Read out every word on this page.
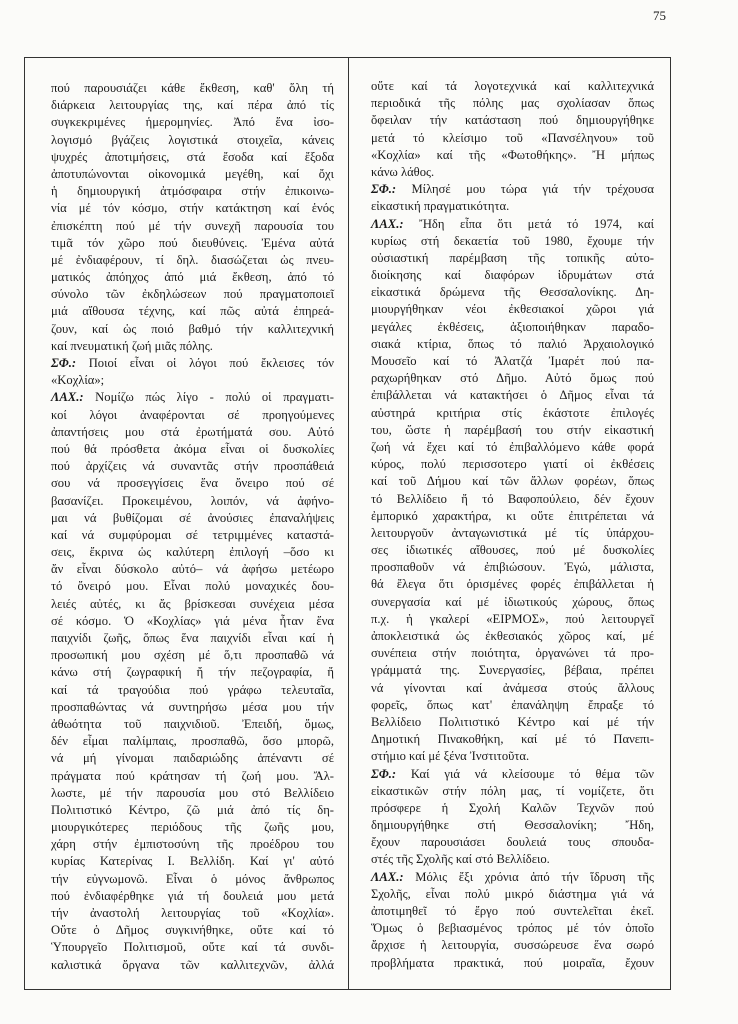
75
πού παρουσιάζει κάθε ἔκθεση, καθ' ὅλη τή
διάρκεια λειτουργίας της, καί πέρα ἀπό τίς
συγκεκριμένες ἡμερομηνίες. Ἀπό ἕνα ἰσο-
λογισμό βγάζεις λογιστικά στοιχεῖα, κάνεις
ψυχρές ἀποτιμήσεις, στά ἔσοδα καί ἔξοδα
ἀποτυπώνονται οἰκονομικά μεγέθη, καί ὄχι
ἡ δημιουργική ἀτμόσφαιρα στήν ἐπικοινω-
νία μέ τόν κόσμο, στήν κατάκτηση καί ἑνός
ἐπισκέπτη πού μέ τήν συνεχῆ παρουσία του
τιμᾶ τόν χῶρο πού διευθύνεις. Ἐμένα αὐτά
μέ ἐνδιαφέρουν, τί δηλ. διασώζεται ὡς πνευ-
ματικός ἀπόηχος ἀπό μιά ἔκθεση, ἀπό τό
σύνολο τῶν ἐκδηλώσεων πού πραγματοποιεῖ
μιά αἴθουσα τέχνης, καί πῶς αὐτά ἐπηρεά-
ζουν, καί ὡς ποιό βαθμό τήν καλλιτεχνική
καί πνευματική ζωή μιᾶς πόλης.
ΣΦ.: Ποιοί εἶναι οἱ λόγοι πού ἔκλεισες τόν
«Κοχλία»;
ΛΑΧ.: Νομίζω πώς λίγο - πολύ οἱ πραγματι-
κοί λόγοι ἀναφέρονται σέ προηγούμενες
ἀπαντήσεις μου στά ἐρωτήματά σου. Αὐτό
πού θά πρόσθετα ἀκόμα εἶναι οἱ δυσκολίες
πού ἀρχίζεις νά συναντᾶς στήν προσπάθειά
σου νά προσεγγίσεις ἕνα ὄνειρο πού σέ
βασανίζει. Προκειμένου, λοιπόν, νά ἀφήνο-
μαι νά βυθίζομαι σέ ἀνούσιες ἐπαναλήψεις
καί νά συμφύρομαι σέ τετριμμένες καταστά-
σεις, ἔκρινα ὡς καλύτερη ἐπιλογή –ὅσο κι
ἄν εἶναι δύσκολο αὐτό– νά ἀφήσω μετέωρο
τό ὄνειρό μου. Εἶναι πολύ μοναχικές δου-
λειές αὐτές, κι ἄς βρίσκεσαι συνέχεια μέσα
σέ κόσμο. Ὁ «Κοχλίας» γιά μένα ἦταν ἕνα
παιχνίδι ζωῆς, ὅπως ἕνα παιχνίδι εἶναι καί ἡ
προσωπική μου σχέση μέ ὅ,τι προσπαθῶ νά
κάνω στή ζωγραφική ἤ τήν πεζογραφία, ἤ
καί τά τραγούδια πού γράφω τελευταῖα,
προσπαθώντας νά συντηρήσω μέσα μου τήν
ἀθωότητα τοῦ παιχνιδιοῦ. Ἐπειδή, ὅμως,
δέν εἶμαι παλίμπαις, προσπαθῶ, ὅσο μπορῶ,
νά μή γίνομαι παιδαριώδης ἀπέναντι σέ
πράγματα πού κράτησαν τή ζωή μου. Ἄλ-
λωστε, μέ τήν παρουσία μου στό Βελλίδειο
Πολιτιστικό Κέντρο, ζῶ μιά ἀπό τίς δη-
μιουργικότερες περιόδους τῆς ζωῆς μου,
χάρη στήν ἐμπιστοσύνη τῆς προέδρου του
κυρίας Κατερίνας Ι. Βελλίδη. Καί γι' αὐτό
τήν εὐγνωμονῶ. Εἶναι ὁ μόνος ἄνθρωπος
πού ἐνδιαφέρθηκε γιά τή δουλειά μου μετά
τήν ἀναστολή λειτουργίας τοῦ «Κοχλία».
Οὔτε ὁ Δῆμος συγκινήθηκε, οὔτε καί τό
Ὑπουργεῖο Πολιτισμοῦ, οὔτε καί τά συνδι-
καλιστικά ὄργανα τῶν καλλιτεχνῶν, ἀλλά
οὔτε καί τά λογοτεχνικά καί καλλιτεχνικά
περιοδικά τῆς πόλης μας σχολίασαν ὅπως
ὄφειλαν τήν κατάσταση πού δημιουργήθηκε
μετά τό κλείσιμο τοῦ «Πανσέληνου» τοῦ
«Κοχλία» καί τῆς «Φωτοθήκης». Ἤ μήπως
κάνω λάθος.
ΣΦ.: Μίλησέ μου τώρα γιά τήν τρέχουσα
εἰκαστική πραγματικότητα.
ΛΑΧ.: Ἤδη εἶπα ὅτι μετά τό 1974, καί
κυρίως στή δεκαετία τοῦ 1980, ἔχουμε τήν
οὐσιαστική παρέμβαση τῆς τοπικῆς αὐτο-
διοίκησης καί διαφόρων ἱδρυμάτων στά
εἰκαστικά δρώμενα τῆς Θεσσαλονίκης. Δη-
μιουργήθηκαν νέοι ἐκθεσιακοί χῶροι γιά
μεγάλες ἐκθέσεις, ἀξιοποιήθηκαν παραδο-
σιακά κτίρια, ὅπως τό παλιό Ἀρχαιολογικό
Μουσεῖο καί τό Ἀλατζά Ἰμαρέτ πού πα-
ραχωρήθηκαν στό Δῆμο. Αὐτό ὅμως πού
ἐπιβάλλεται νά κατακτήσει ὁ Δῆμος εἶναι τά
αὐστηρά κριτήρια στίς ἑκάστοτε ἐπιλογές
του, ὥστε ἡ παρέμβασή του στήν εἰκαστική
ζωή νά ἔχει καί τό ἐπιβαλλόμενο κάθε φορά
κύρος, πολύ περισσοτερο γιατί οἱ ἐκθέσεις
καί τοῦ Δήμου καί τῶν ἄλλων φορέων, ὅπως
τό Βελλίδειο ἤ τό Βαφοπούλειο, δέν ἔχουν
ἐμπορικό χαρακτήρα, κι οὔτε ἐπιτρέπεται νά
λειτουργοῦν ἀνταγωνιστικά μέ τίς ὑπάρχου-
σες ἰδιωτικές αἴθουσες, πού μέ δυσκολίες
προσπαθοῦν νά ἐπιβιώσουν. Ἐγώ, μάλιστα,
θά ἔλεγα ὅτι ὁρισμένες φορές ἐπιβάλλεται ἡ
συνεργασία καί μέ ἰδιωτικούς χώρους, ὅπως
π.χ. ἡ γκαλερί «ΕΙΡΜΟΣ», πού λειτουργεῖ
ἀποκλειστικά ὡς ἐκθεσιακός χῶρος καί, μέ
συνέπεια στήν ποιότητα, ὀργανώνει τά προ-
γράμματά της. Συνεργασίες, βέβαια, πρέπει
νά γίνονται καί ἀνάμεσα στούς ἄλλους
φορεῖς, ὅπως κατ' ἐπανάληψη ἔπραξε τό
Βελλίδειο Πολιτιστικό Κέντρο καί μέ τήν
Δημοτική Πινακοθήκη, καί μέ τό Πανεπι-
στήμιο καί μέ ξένα Ἰνστιτοῦτα.
ΣΦ.: Καί γιά νά κλείσουμε τό θέμα τῶν
εἰκαστικῶν στήν πόλη μας, τί νομίζετε, ὅτι
πρόσφερε ἡ Σχολή Καλῶν Τεχνῶν πού
δημιουργήθηκε στή Θεσσαλονίκη; Ἤδη,
ἔχουν παρουσιάσει δουλειά τους σπουδα-
στές τῆς Σχολῆς καί στό Βελλίδειο.
ΛΑΧ.: Μόλις ἔξι χρόνια ἀπό τήν ἵδρυση τῆς
Σχολῆς, εἶναι πολύ μικρό διάστημα γιά νά
ἀποτιμηθεῖ τό ἔργο πού συντελεῖται ἐκεῖ.
Ὅμως ὁ βεβιασμένος τρόπος μέ τόν ὁποῖο
ἄρχισε ἡ λειτουργία, συσσώρευσε ἕνα σωρό
προβλήματα πρακτικά, πού μοιραῖα, ἔχουν
